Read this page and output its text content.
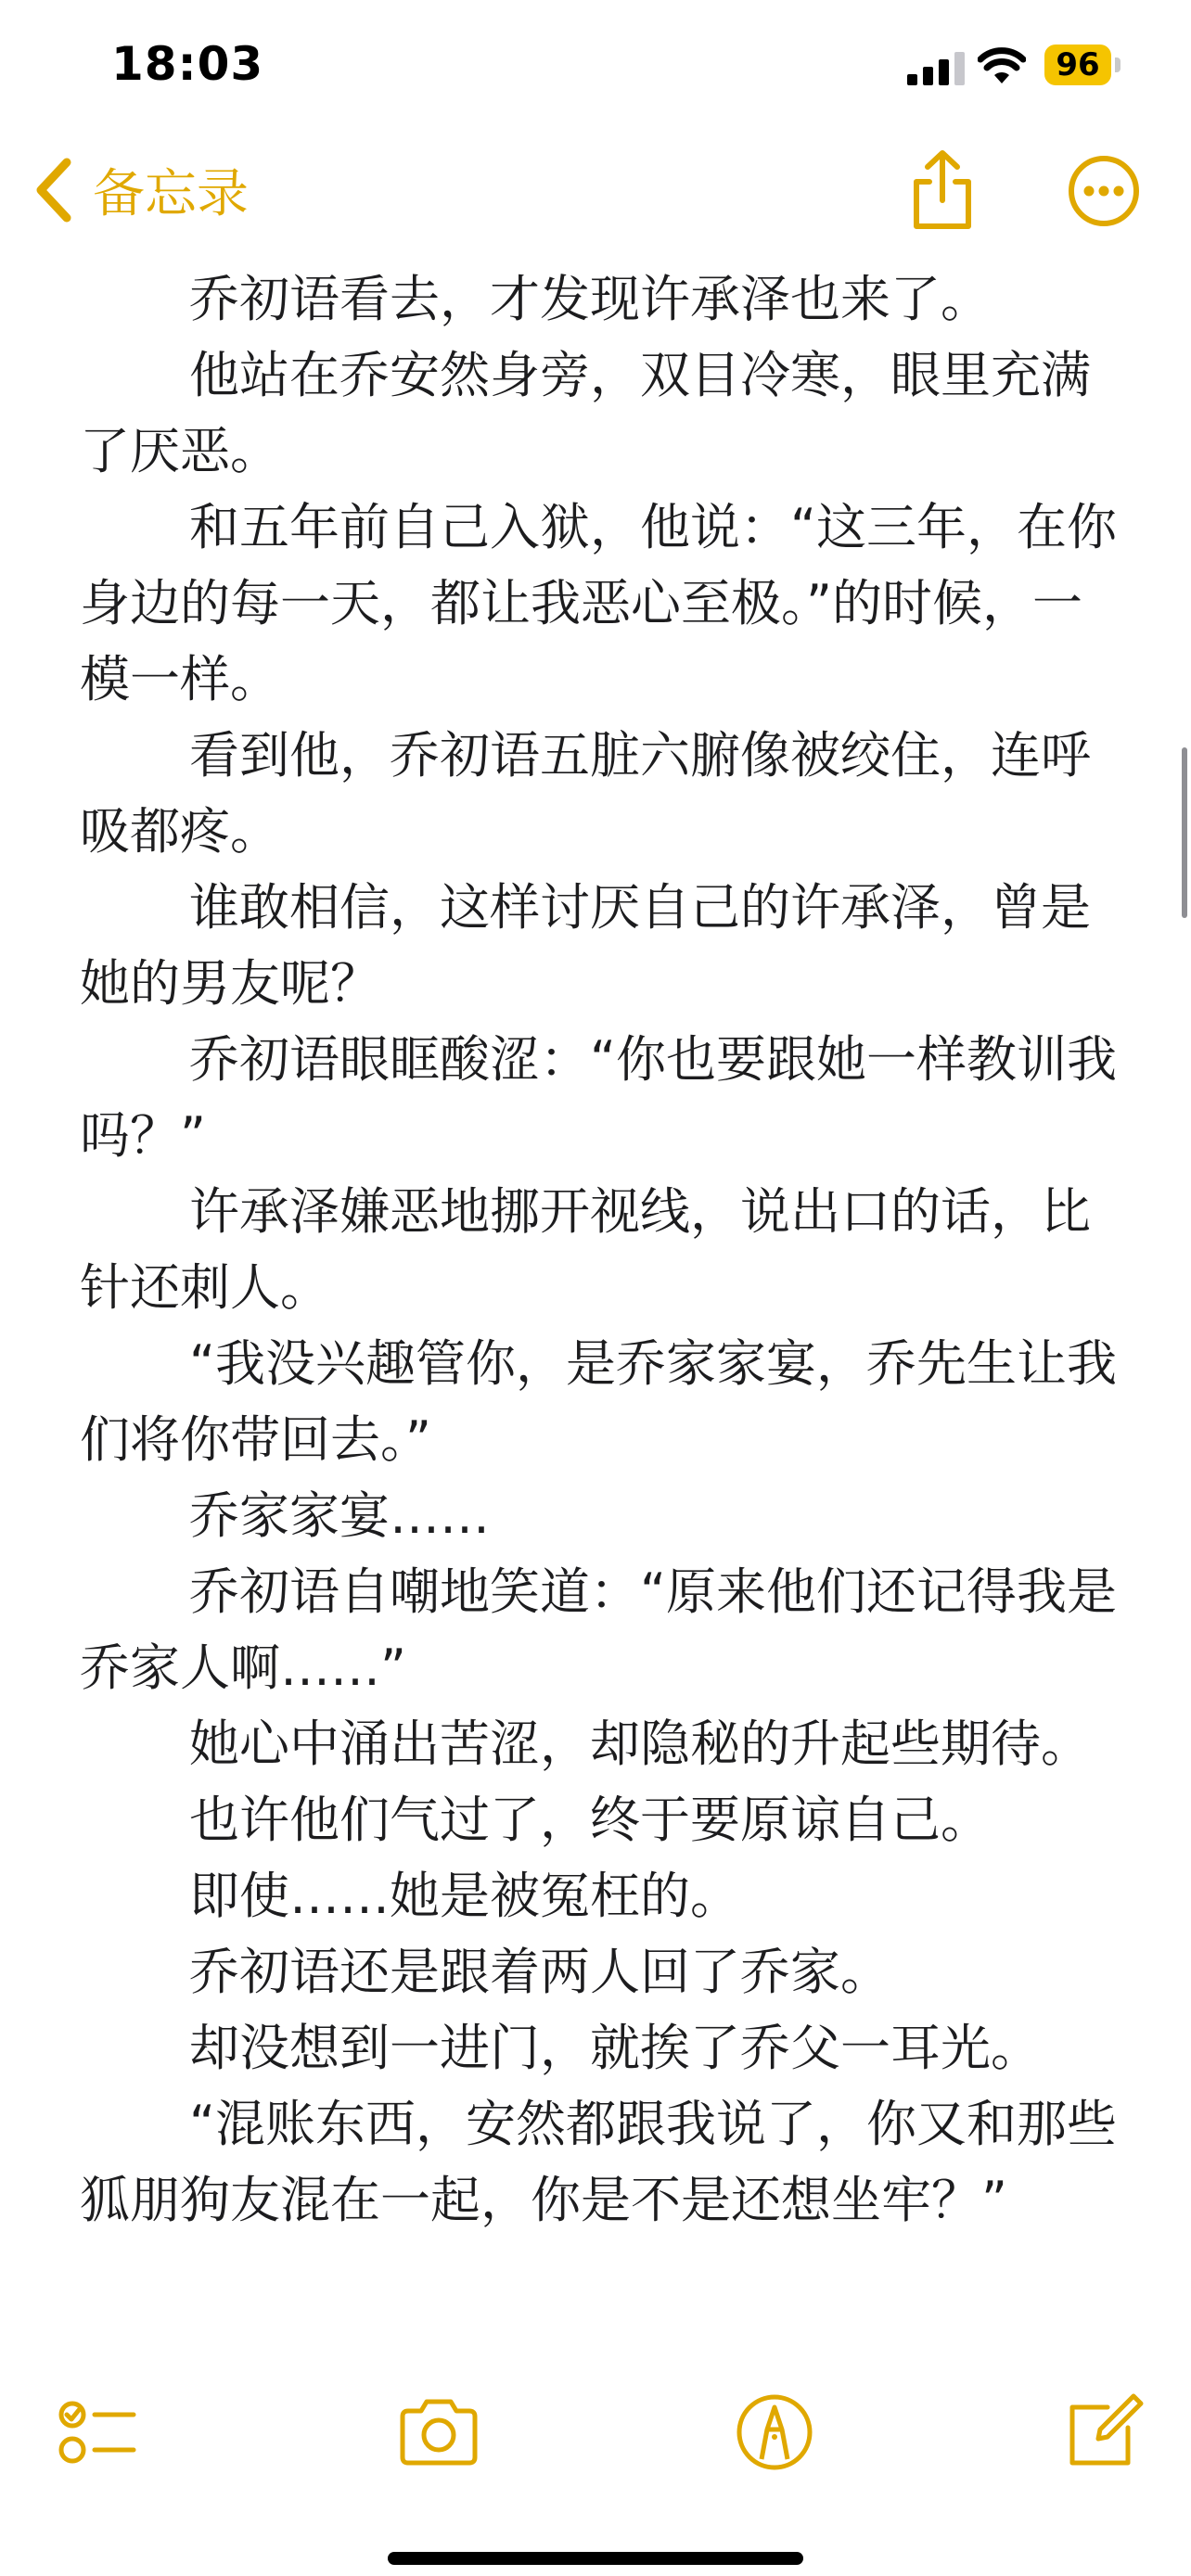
18:03	96
备忘录

乔初语看去，才发现许承泽也来了。

他站在乔安然身旁，双目冷寒，眼里充满了厌恶。

和五年前自己入狱，他说：“这三年，在你身边的每一天，都让我恶心至极。”的时候，一模一样。

看到他，乔初语五脏六腑像被绞住，连呼吸都疼。

谁敢相信，这样讨厌自己的许承泽，曾是她的男友呢？

乔初语眼眶酸涩：“你也要跟她一样教训我吗？”

许承泽嫌恶地挪开视线，说出口的话，比针还刺人。

“我没兴趣管你，是乔家家宴，乔先生让我们将你带回去。”

乔家家宴……

乔初语自嘲地笑道：“原来他们还记得我是乔家人啊……”

她心中涌出苦涩，却隐秘的升起些期待。

也许他们气过了，终于要原谅自己。

即使……她是被冤枉的。

乔初语还是跟着两人回了乔家。

却没想到一进门，就挨了乔父一耳光。

“混账东西，安然都跟我说了，你又和那些狐朋狗友混在一起，你是不是还想坐牢？”
